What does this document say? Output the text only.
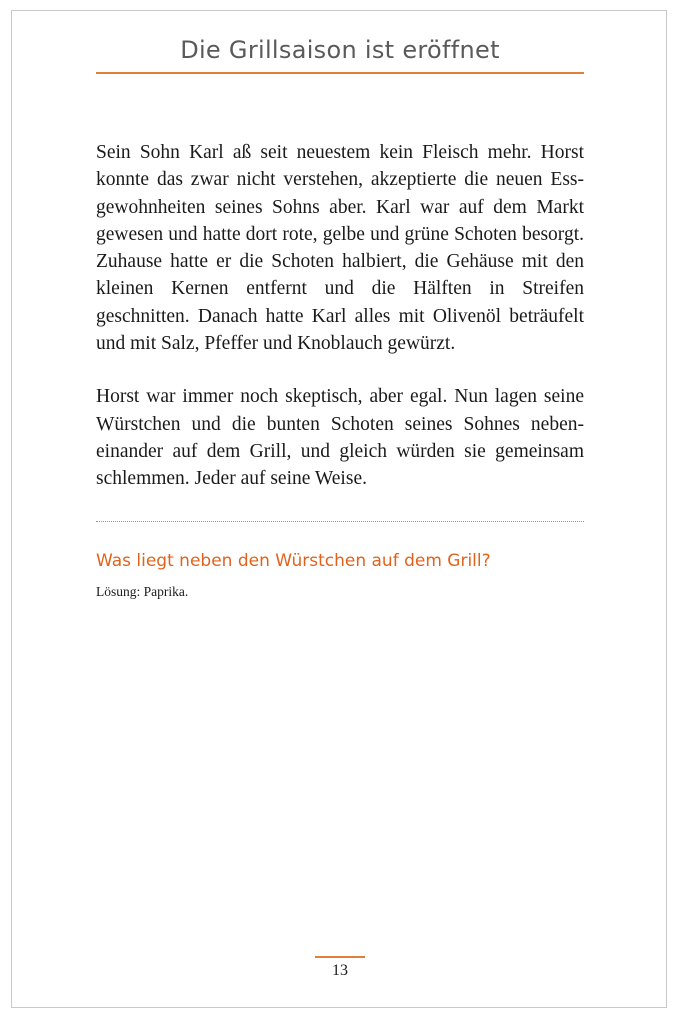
Die Grillsaison ist eröffnet

Sein Sohn Karl aß seit neuestem kein Fleisch mehr. Horst konnte das zwar nicht verstehen, akzeptierte die neuen Essgewohnheiten seines Sohns aber. Karl war auf dem Markt gewesen und hatte dort rote, gelbe und grüne Schoten besorgt. Zuhause hatte er die Schoten halbiert, die Gehäuse mit den kleinen Kernen entfernt und die Hälften in Streifen geschnitten. Danach hatte Karl alles mit Olivenöl beträufelt und mit Salz, Pfeffer und Knoblauch gewürzt.

Horst war immer noch skeptisch, aber egal. Nun lagen seine Würstchen und die bunten Schoten seines Sohnes nebeneinander auf dem Grill, und gleich würden sie gemeinsam schlemmen. Jeder auf seine Weise.

Was liegt neben den Würstchen auf dem Grill?
Lösung: Paprika.
13
